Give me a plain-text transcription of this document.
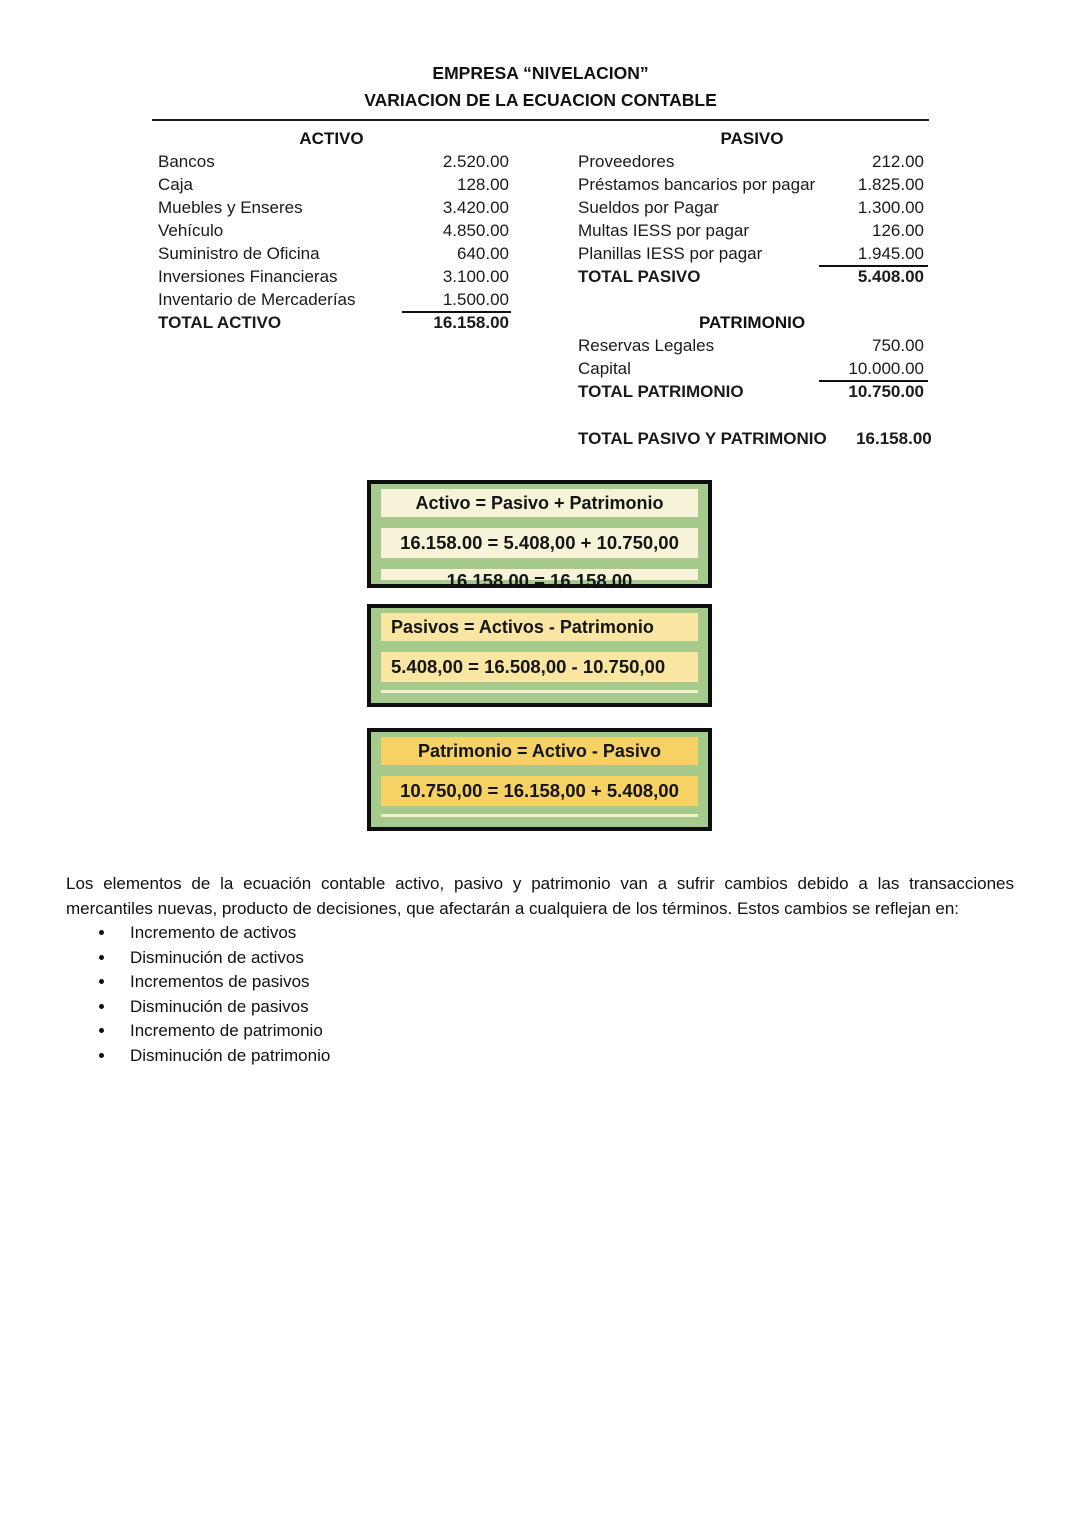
EMPRESA “NIVELACION”
VARIACION DE LA ECUACION CONTABLE
ACTIVO
Bancos	2.520.00
Caja	128.00
Muebles y Enseres	3.420.00
Vehículo	4.850.00
Suministro de Oficina	640.00
Inversiones Financieras	3.100.00
Inventario de Mercaderías	1.500.00
TOTAL ACTIVO	16.158.00
PASIVO
Proveedores	212.00
Préstamos bancarios por pagar	1.825.00
Sueldos por Pagar	1.300.00
Multas IESS por pagar	126.00
Planillas IESS por pagar	1.945.00
TOTAL PASIVO	5.408.00
PATRIMONIO
Reservas Legales	750.00
Capital	10.000.00
TOTAL PATRIMONIO	10.750.00
TOTAL PASIVO Y PATRIMONIO	16.158.00
Activo = Pasivo + Patrimonio
16.158.00 = 5.408,00 + 10.750,00
16.158.00 = 16.158.00
Pasivos = Activos - Patrimonio
5.408,00 = 16.508,00 - 10.750,00
Patrimonio = Activo - Pasivo
10.750,00 = 16.158,00 + 5.408,00

Los elementos de la ecuación contable activo, pasivo y patrimonio van a sufrir cambios debido a las transacciones mercantiles nuevas, producto de decisiones, que afectarán a cualquiera de los términos. Estos cambios se reflejan en:

• Incremento de activos
• Disminución de activos
• Incrementos de pasivos
• Disminución de pasivos
• Incremento de patrimonio
• Disminución de patrimonio
